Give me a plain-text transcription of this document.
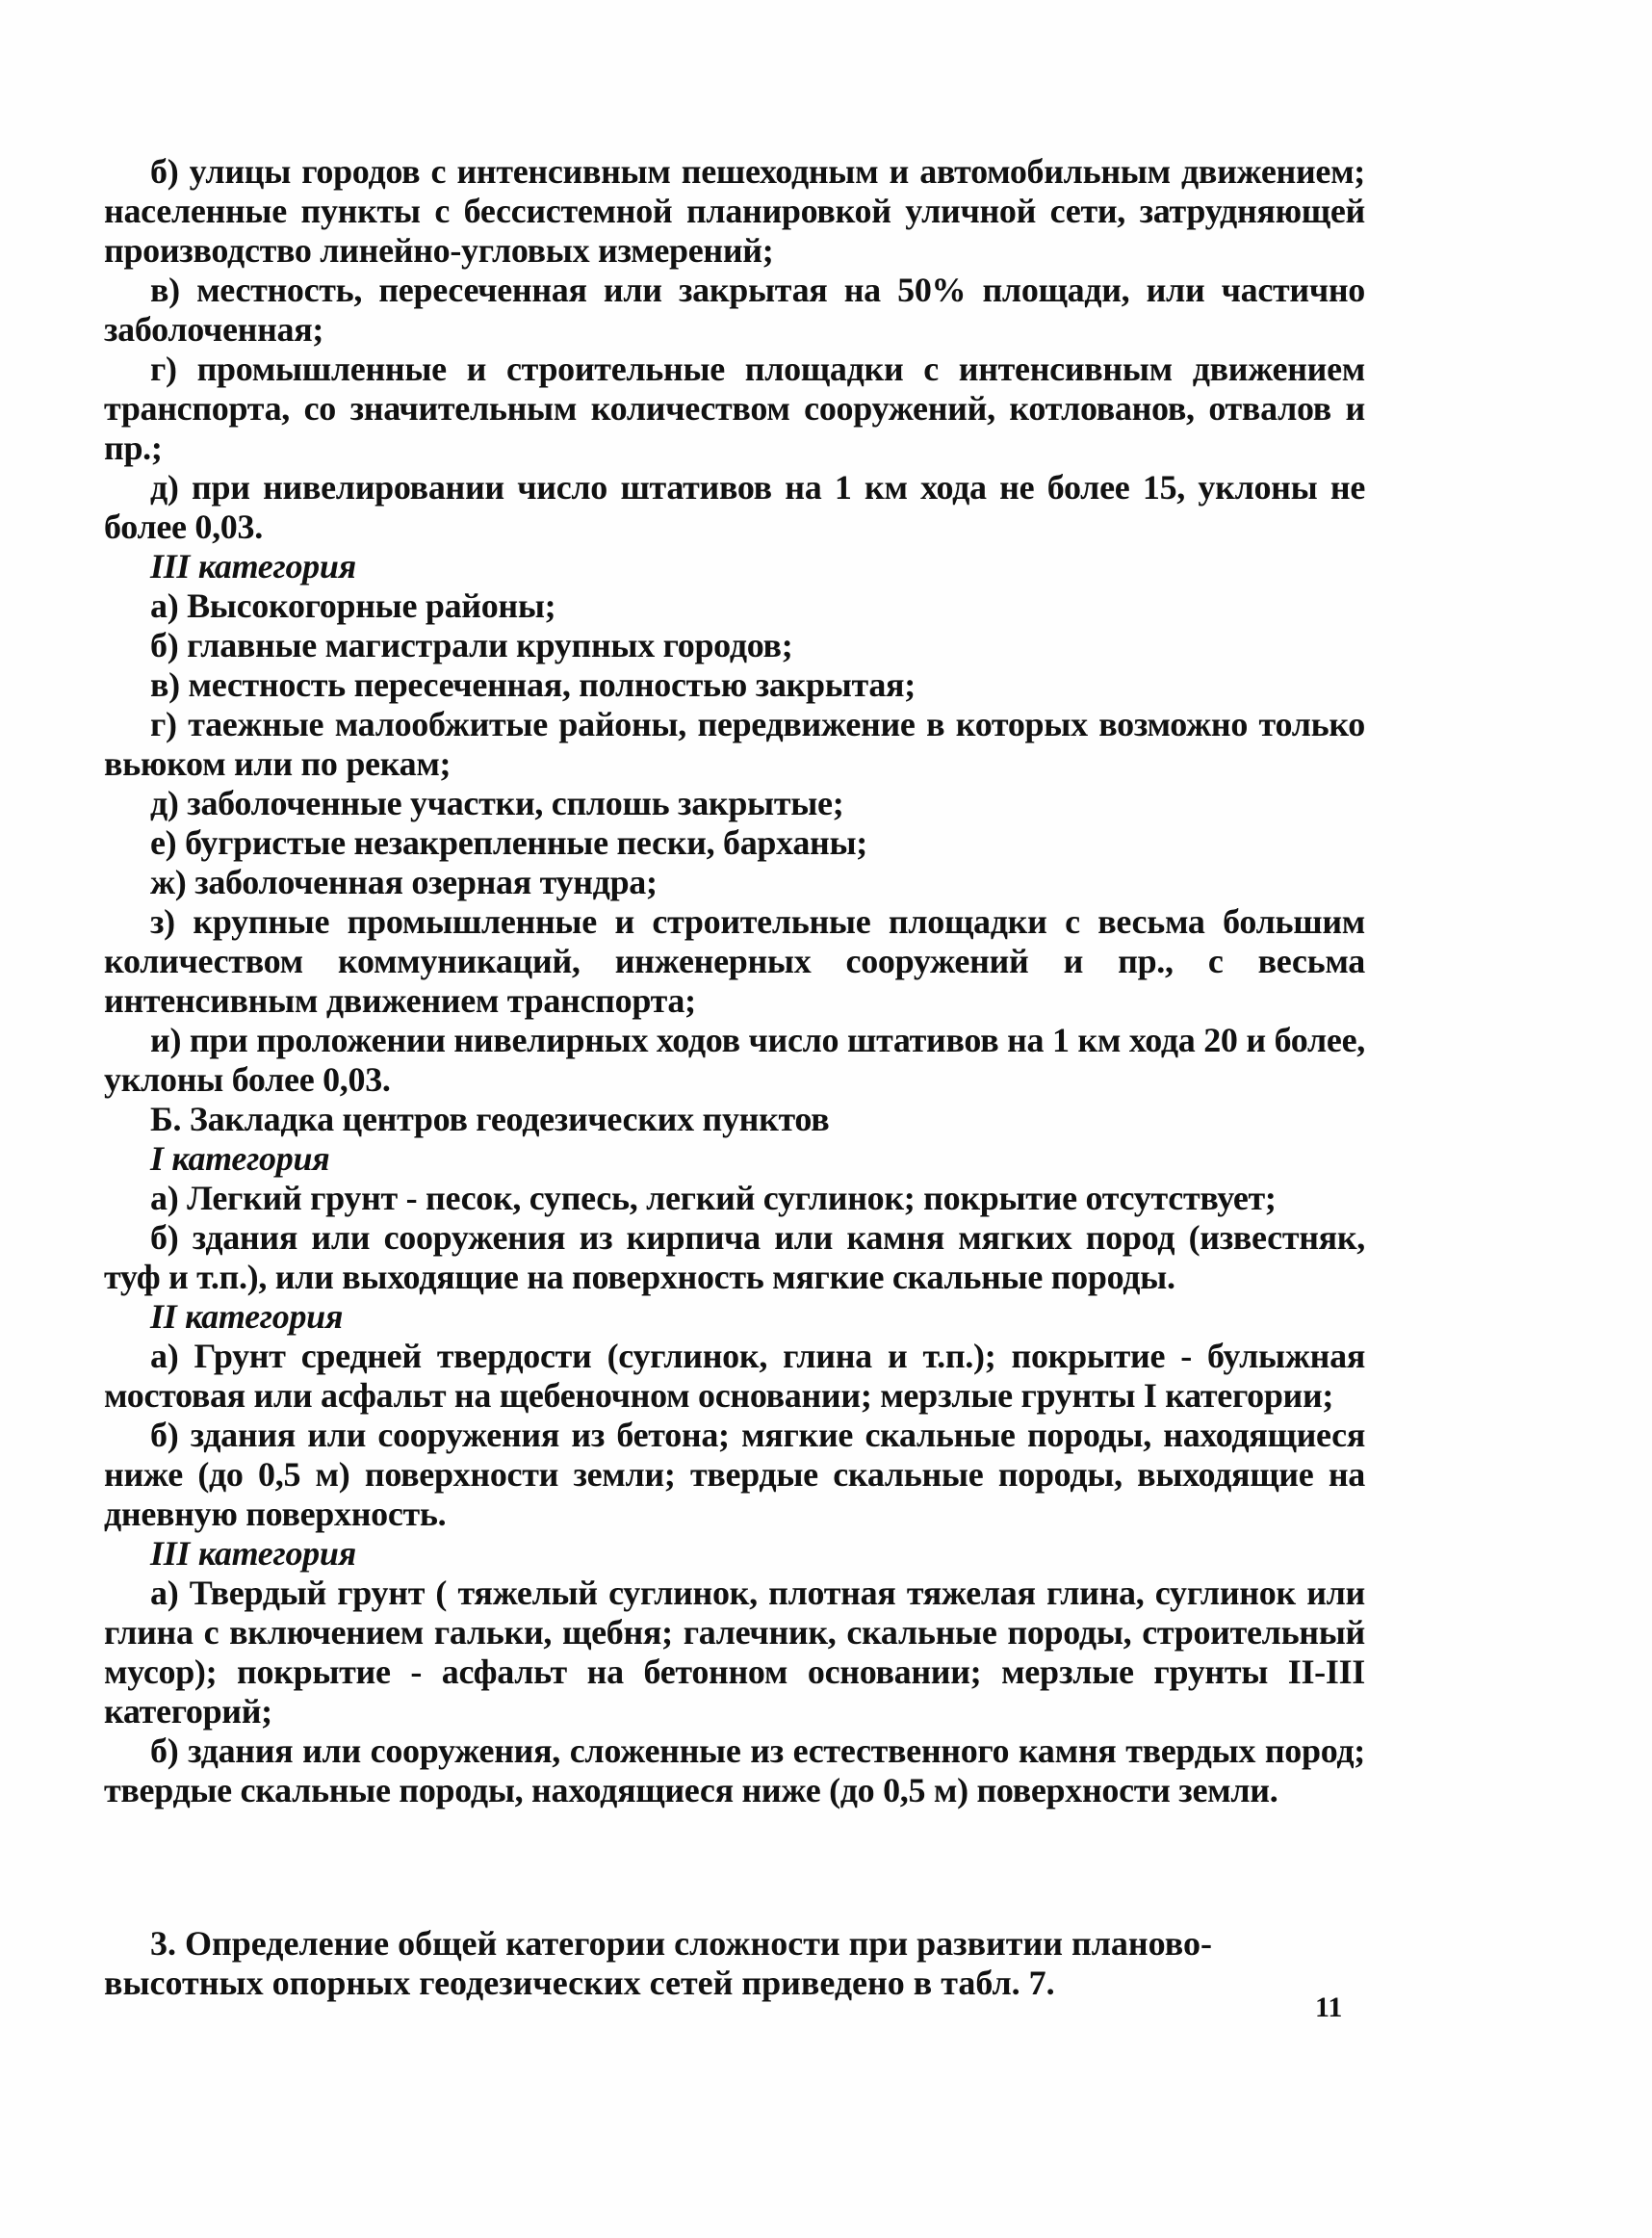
б) улицы городов с интенсивным пешеходным и автомобильным движением; населенные пункты с бессистемной планировкой уличной сети, затрудняющей производство линейно-угловых измерений;

в) местность, пересеченная или закрытая на 50% площади, или частично заболоченная;

г) промышленные и строительные площадки с интенсивным движением транспорта, со значительным количеством сооружений, котлованов, отвалов и пр.;

д) при нивелировании число штативов на 1 км хода не более 15, уклоны не более 0,03.

III категория

а) Высокогорные районы;

б) главные магистрали крупных городов;

в) местность пересеченная, полностью закрытая;

г) таежные малообжитые районы, передвижение в которых возможно только вьюком или по рекам;

д) заболоченные участки, сплошь закрытые;

е) бугристые незакрепленные пески, барханы;

ж) заболоченная озерная тундра;

з) крупные промышленные и строительные площадки с весьма большим количеством коммуникаций, инженерных сооружений и пр., с весьма интенсивным движением транспорта;

и) при проложении нивелирных ходов число штативов на 1 км хода 20 и более, уклоны более 0,03.

Б. Закладка центров геодезических пунктов

I категория

а) Легкий грунт - песок, супесь, легкий суглинок; покрытие отсутствует;

б) здания или сооружения из кирпича или камня мягких пород (известняк, туф и т.п.), или выходящие на поверхность мягкие скальные породы.

II категория

а) Грунт средней твердости (суглинок, глина и т.п.); покрытие - булыжная мостовая или асфальт на щебеночном основании; мерзлые грунты I категории;

б) здания или сооружения из бетона; мягкие скальные породы, находящиеся ниже (до 0,5 м) поверхности земли; твердые скальные породы, выходящие на дневную поверхность.

III категория

а) Твердый грунт ( тяжелый суглинок, плотная тяжелая глина, суглинок или глина с включением гальки, щебня; галечник, скальные породы, строительный мусор); покрытие - асфальт на бетонном основании; мерзлые грунты II-III категорий;

б) здания или сооружения, сложенные из естественного камня твердых пород; твердые скальные породы, находящиеся ниже (до 0,5 м) поверхности земли.

3. Определение общей категории сложности при развитии планово-высотных опорных геодезических сетей приведено в табл. 7.

11
